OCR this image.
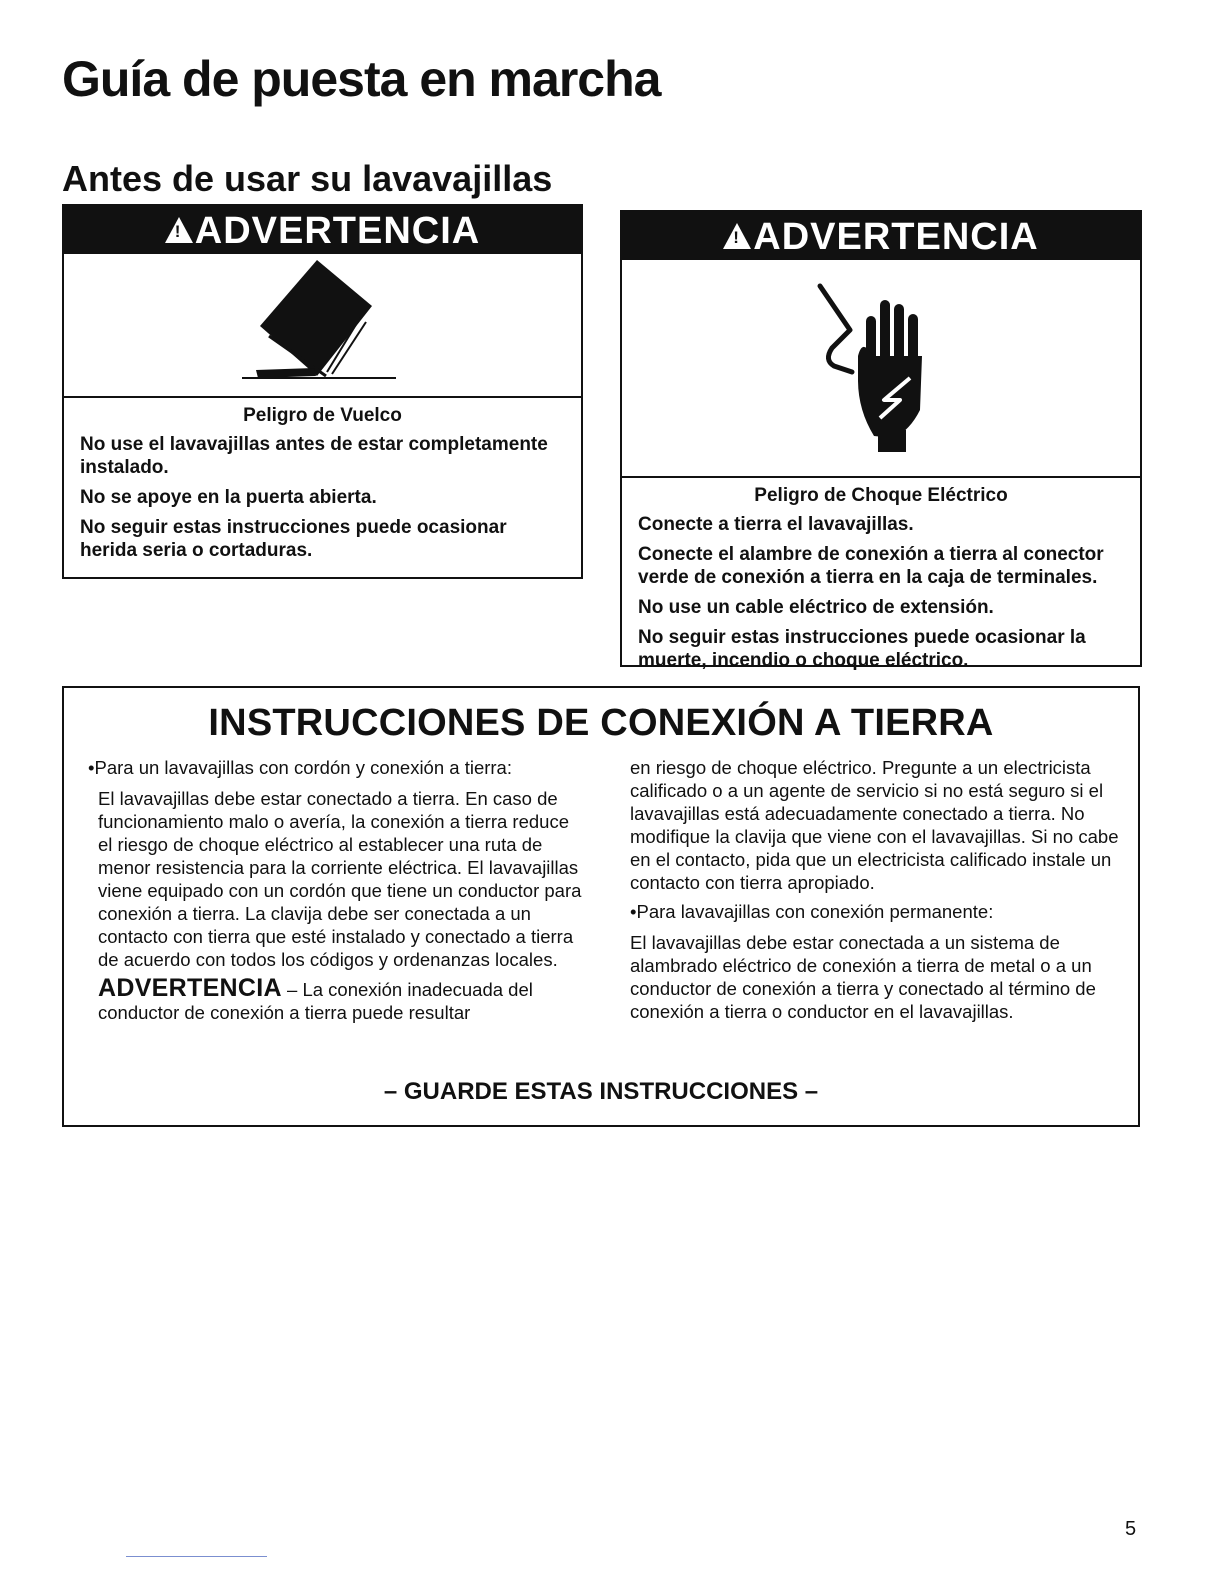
Guía de puesta en marcha
Antes de usar su lavavajillas
!ADVERTENCIA

Peligro de Vuelco

No use el lavavajillas antes de estar completamente instalado.

No se apoye en la puerta abierta.

No seguir estas instrucciones puede ocasionar herida seria o cortaduras.

!ADVERTENCIA

Peligro de Choque Eléctrico

Conecte a tierra el lavavajillas.

Conecte el alambre de conexión a tierra al conector verde de conexión a tierra en la caja de terminales.

No use un cable eléctrico de extensión.

No seguir estas instrucciones puede ocasionar la muerte, incendio o choque eléctrico.

INSTRUCCIONES DE CONEXIÓN A TIERRA

•Para un lavavajillas con cordón y conexión a tierra:

El lavavajillas debe estar conectado a tierra. En caso de funcionamiento malo o avería, la conexión a tierra reduce el riesgo de choque eléctrico al establecer una ruta de menor resistencia para la corriente eléctrica. El lavavajillas viene equipado con un cordón que tiene un conductor para conexión a tierra. La clavija debe ser conectada a un contacto con tierra que esté instalado y conectado a tierra de acuerdo con todos los códigos y ordenanzas locales.

ADVERTENCIA – La conexión inadecuada del conductor de conexión a tierra puede resultar

en riesgo de choque eléctrico. Pregunte a un electricista calificado o a un agente de servicio si no está seguro si el lavavajillas está adecuadamente conectado a tierra. No modifique la clavija que viene con el lavavajillas. Si no cabe en el contacto, pida que un electricista calificado instale un contacto con tierra apropiado.

•Para lavavajillas con conexión permanente:

El lavavajillas debe estar conectada a un sistema de alambrado eléctrico de conexión a tierra de metal o a un conductor de conexión a tierra y conectado al término de conexión a tierra o conductor en el lavavajillas.

– GUARDE ESTAS INSTRUCCIONES –
5
